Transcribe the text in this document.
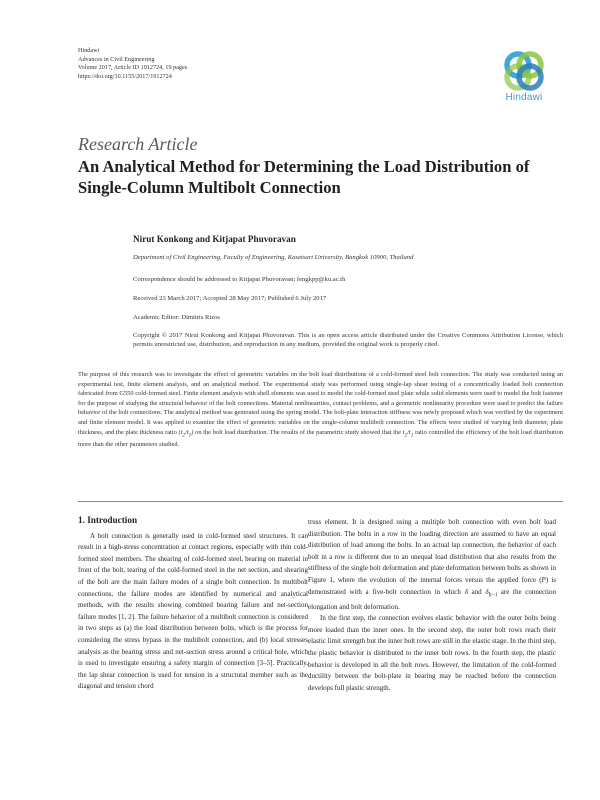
Hindawi
Advances in Civil Engineering
Volume 2017, Article ID 1912724, 19 pages
https://doi.org/10.1155/2017/1912724
Hindawi
Research Article
An Analytical Method for Determining the Load Distribution of Single-Column Multibolt Connection
Nirut Konkong and Kitjapat Phuvoravan
Department of Civil Engineering, Faculty of Engineering, Kasetsart University, Bangkok 10900, Thailand
Correspondence should be addressed to Kitjapat Phuvoravan; fengkpp@ku.ac.th
Received 23 March 2017; Accepted 28 May 2017; Published 6 July 2017
Academic Editor: Dimitris Rizos
Copyright © 2017 Nirut Konkong and Kitjapat Phuvoravan. This is an open access article distributed under the Creative Commons Attribution License, which permits unrestricted use, distribution, and reproduction in any medium, provided the original work is properly cited.
The purpose of this research was to investigate the effect of geometric variables on the bolt load distributions of a cold-formed steel bolt connection. The study was conducted using an experimental test, finite element analysis, and an analytical method. The experimental study was performed using single-lap shear testing of a concentrically loaded bolt connection fabricated from G550 cold-formed steel. Finite element analysis with shell elements was used to model the cold-formed steel plate while solid elements were used to model the bolt fastener for the purpose of studying the structural behavior of the bolt connections. Material nonlinearities, contact problems, and a geometric nonlinearity procedure were used to predict the failure behavior of the bolt connections. The analytical method was generated using the spring model. The bolt-plate interaction stiffness was newly proposed which was verified by the experiment and finite element model. It was applied to examine the effect of geometric variables on the single-column multibolt connection. The effects were studied of varying bolt diameter, plate thickness, and the plate thickness ratio $(t_2/t_1)$ on the bolt load distribution. The results of the parametric study showed that the $t_2/t_1$ ratio controlled the efficiency of the bolt load distribution more than the other parameters studied.
1. Introduction

A bolt connection is generally used in cold-formed steel structures. It can result in a high-stress concentration at contact regions, especially with thin cold-formed steel members. The shearing of cold-formed steel, bearing on material in front of the bolt, tearing of the cold-formed steel in the net section, and shearing of the bolt are the main failure modes of a single bolt connection. In multibolt connections, the failure modes are identified by numerical and analytical methods, with the results showing combined bearing failure and net-section failure modes [1, 2]. The failure behavior of a multibolt connection is considered in two steps as (a) the load distribution between bolts, which is the process for considering the stress bypass in the multibolt connection, and (b) local stresses analysis as the bearing stress and net-section stress around a critical hole, which is used to investigate ensuring a safety margin of connection [3–5]. Practically, the lap shear connection is used for tension in a structural member such as the diagonal and tension chord

truss element. It is designed using a multiple bolt connection with even bolt load distribution. The bolts in a row in the loading direction are assumed to have an equal distribution of load among the bolts. In an actual lap connection, the behavior of each bolt in a row is different due to an unequal load distribution that also results from the stiffness of the single bolt deformation and plate deformation between bolts as shown in Figure 1, where the evolution of the internal forces versus the applied force (P) is demonstrated with a five-bolt connection in which δ and $\delta_{b-i}$ are the connection elongation and bolt deformation.

In the first step, the connection evolves elastic behavior with the outer bolts being more loaded than the inner ones. In the second step, the outer bolt rows reach their elastic limit strength but the inner bolt rows are still in the elastic stage. In the third step, the plastic behavior is distributed to the inner bolt rows. In the fourth step, the plastic behavior is developed in all the bolt rows. However, the limitation of the cold-formed ductility between the bolt-plate in bearing may be reached before the connection develops full plastic strength.
